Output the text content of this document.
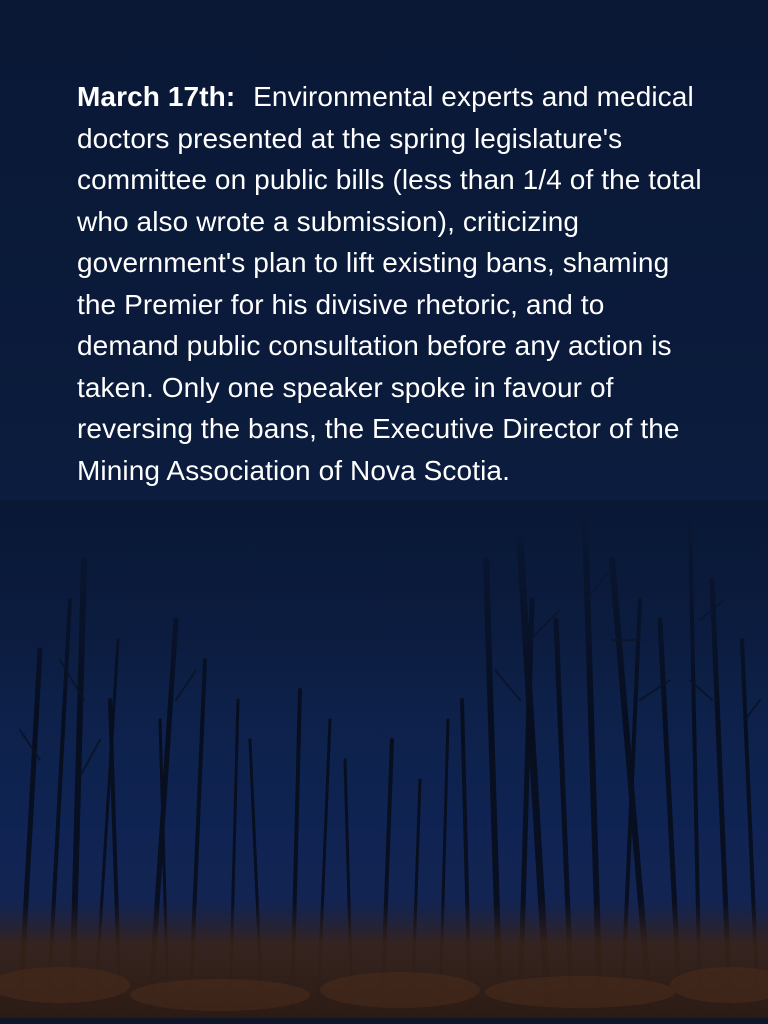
March 17th: Environmental experts and medical doctors presented at the spring legislature's committee on public bills (less than 1/4 of the total who also wrote a submission), criticizing government's plan to lift existing bans, shaming the Premier for his divisive rhetoric, and to demand public consultation before any action is taken. Only one speaker spoke in favour of reversing the bans, the Executive Director of the Mining Association of Nova Scotia.
